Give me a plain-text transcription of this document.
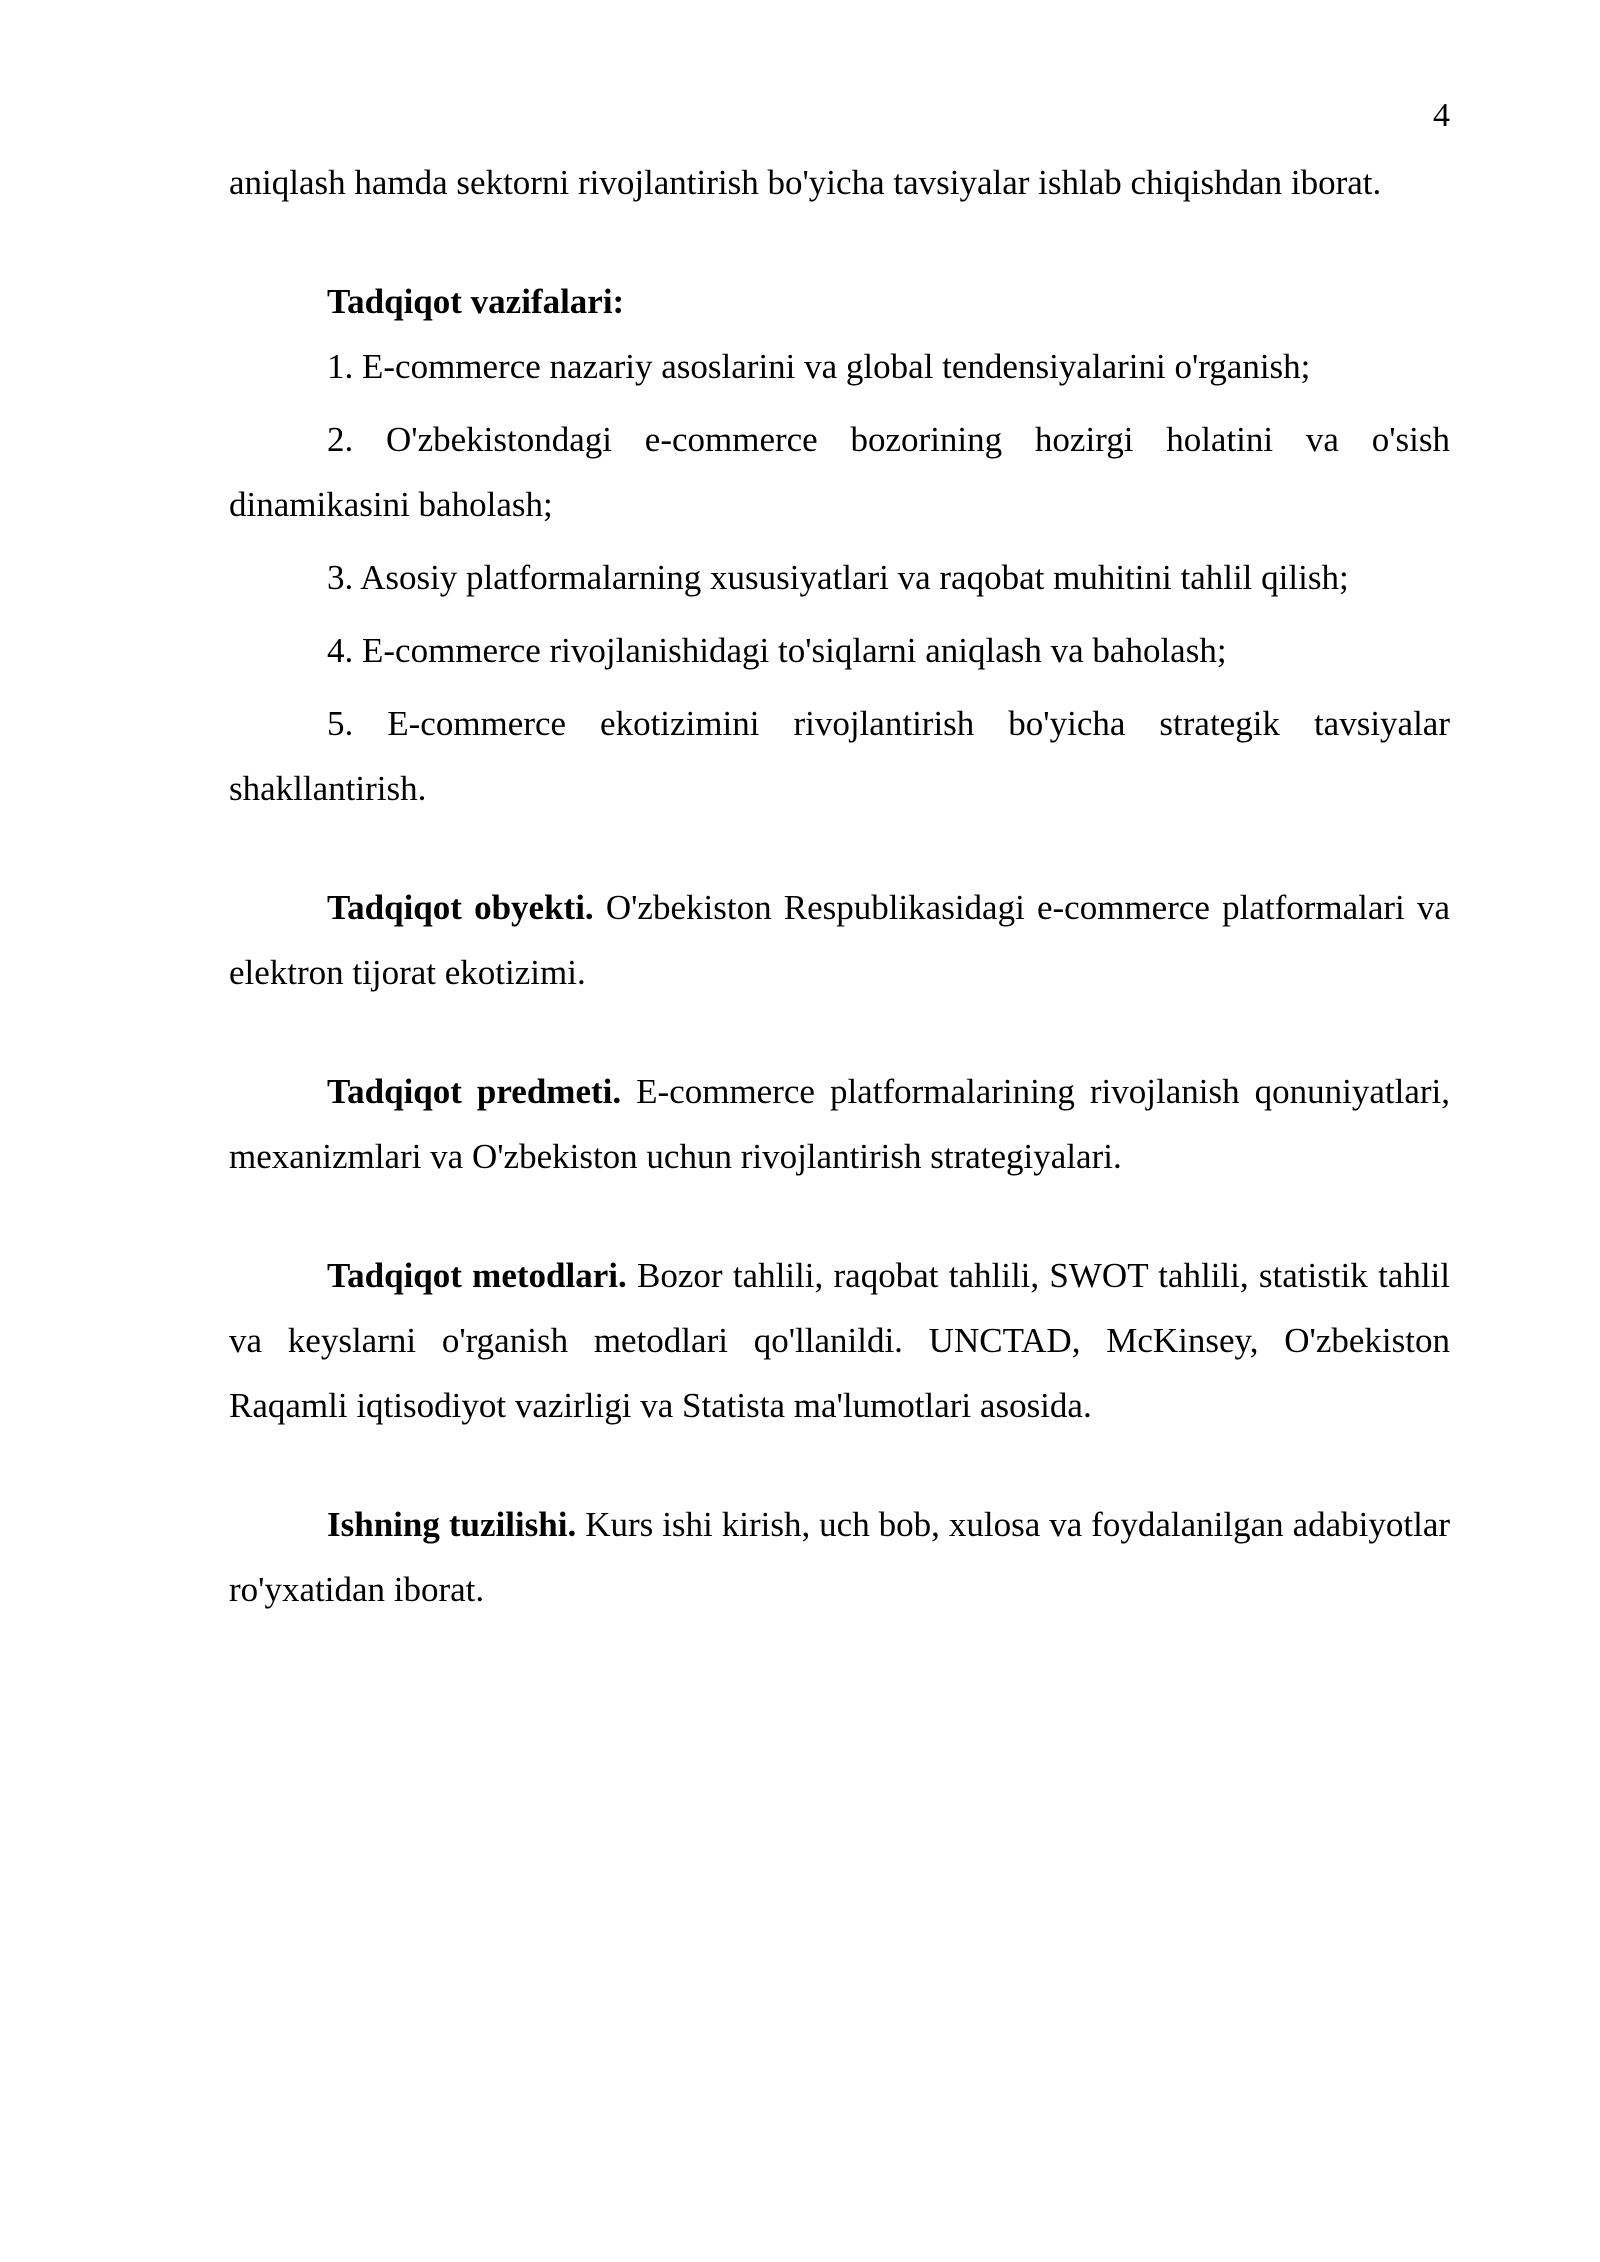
4

aniqlash hamda sektorni rivojlantirish bo'yicha tavsiyalar ishlab chiqishdan iborat.

Tadqiqot vazifalari:

1. E-commerce nazariy asoslarini va global tendensiyalarini o'rganish;

2. O'zbekistondagi e-commerce bozorining hozirgi holatini va o'sish dinamikasini baholash;

3. Asosiy platformalarning xususiyatlari va raqobat muhitini tahlil qilish;

4. E-commerce rivojlanishidagi to'siqlarni aniqlash va baholash;

5. E-commerce ekotizimini rivojlantirish bo'yicha strategik tavsiyalar shakllantirish.

Tadqiqot obyekti. O'zbekiston Respublikasidagi e-commerce platformalari va elektron tijorat ekotizimi.

Tadqiqot predmeti. E-commerce platformalarining rivojlanish qonuniyatlari, mexanizmlari va O'zbekiston uchun rivojlantirish strategiyalari.

Tadqiqot metodlari. Bozor tahlili, raqobat tahlili, SWOT tahlili, statistik tahlil va keyslarni o'rganish metodlari qo'llanildi. UNCTAD, McKinsey, O'zbekiston Raqamli iqtisodiyot vazirligi va Statista ma'lumotlari asosida.

Ishning tuzilishi. Kurs ishi kirish, uch bob, xulosa va foydalanilgan adabiyotlar ro'yxatidan iborat.
